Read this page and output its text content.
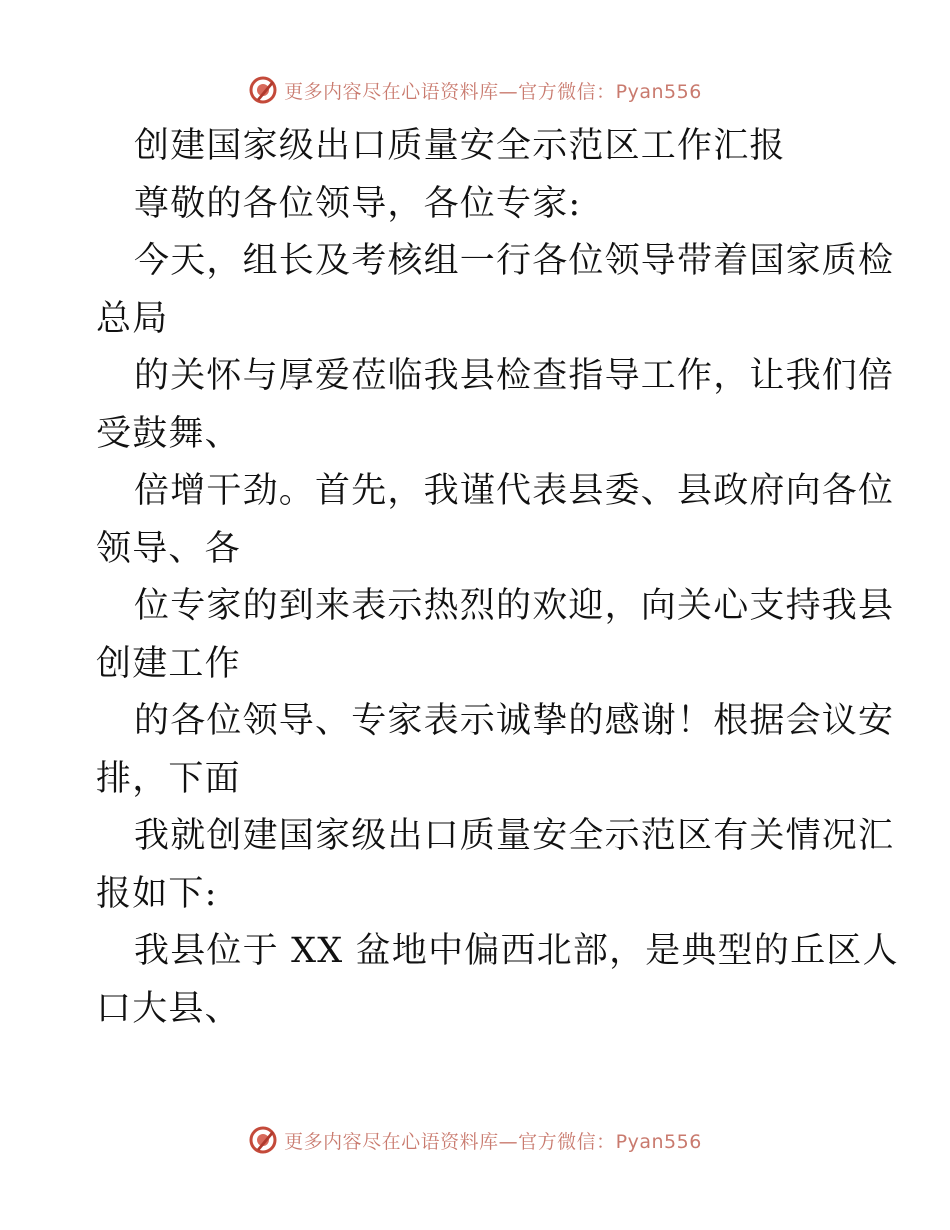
更多内容尽在心语资料库—官方微信：Pyan556
创建国家级出口质量安全示范区工作汇报
尊敬的各位领导，各位专家:
今天，组长及考核组一行各位领导带着国家质检
总局
的关怀与厚爱莅临我县检查指导工作，让我们倍
受鼓舞、
倍增干劲。首先，我谨代表县委、县政府向各位
领导、各
位专家的到来表示热烈的欢迎，向关心支持我县
创建工作
的各位领导、专家表示诚挚的感谢！根据会议安
排，下面
我就创建国家级出口质量安全示范区有关情况汇
报如下:
我县位于 XX 盆地中偏西北部，是典型的丘区人
口大县、
更多内容尽在心语资料库—官方微信：Pyan556
